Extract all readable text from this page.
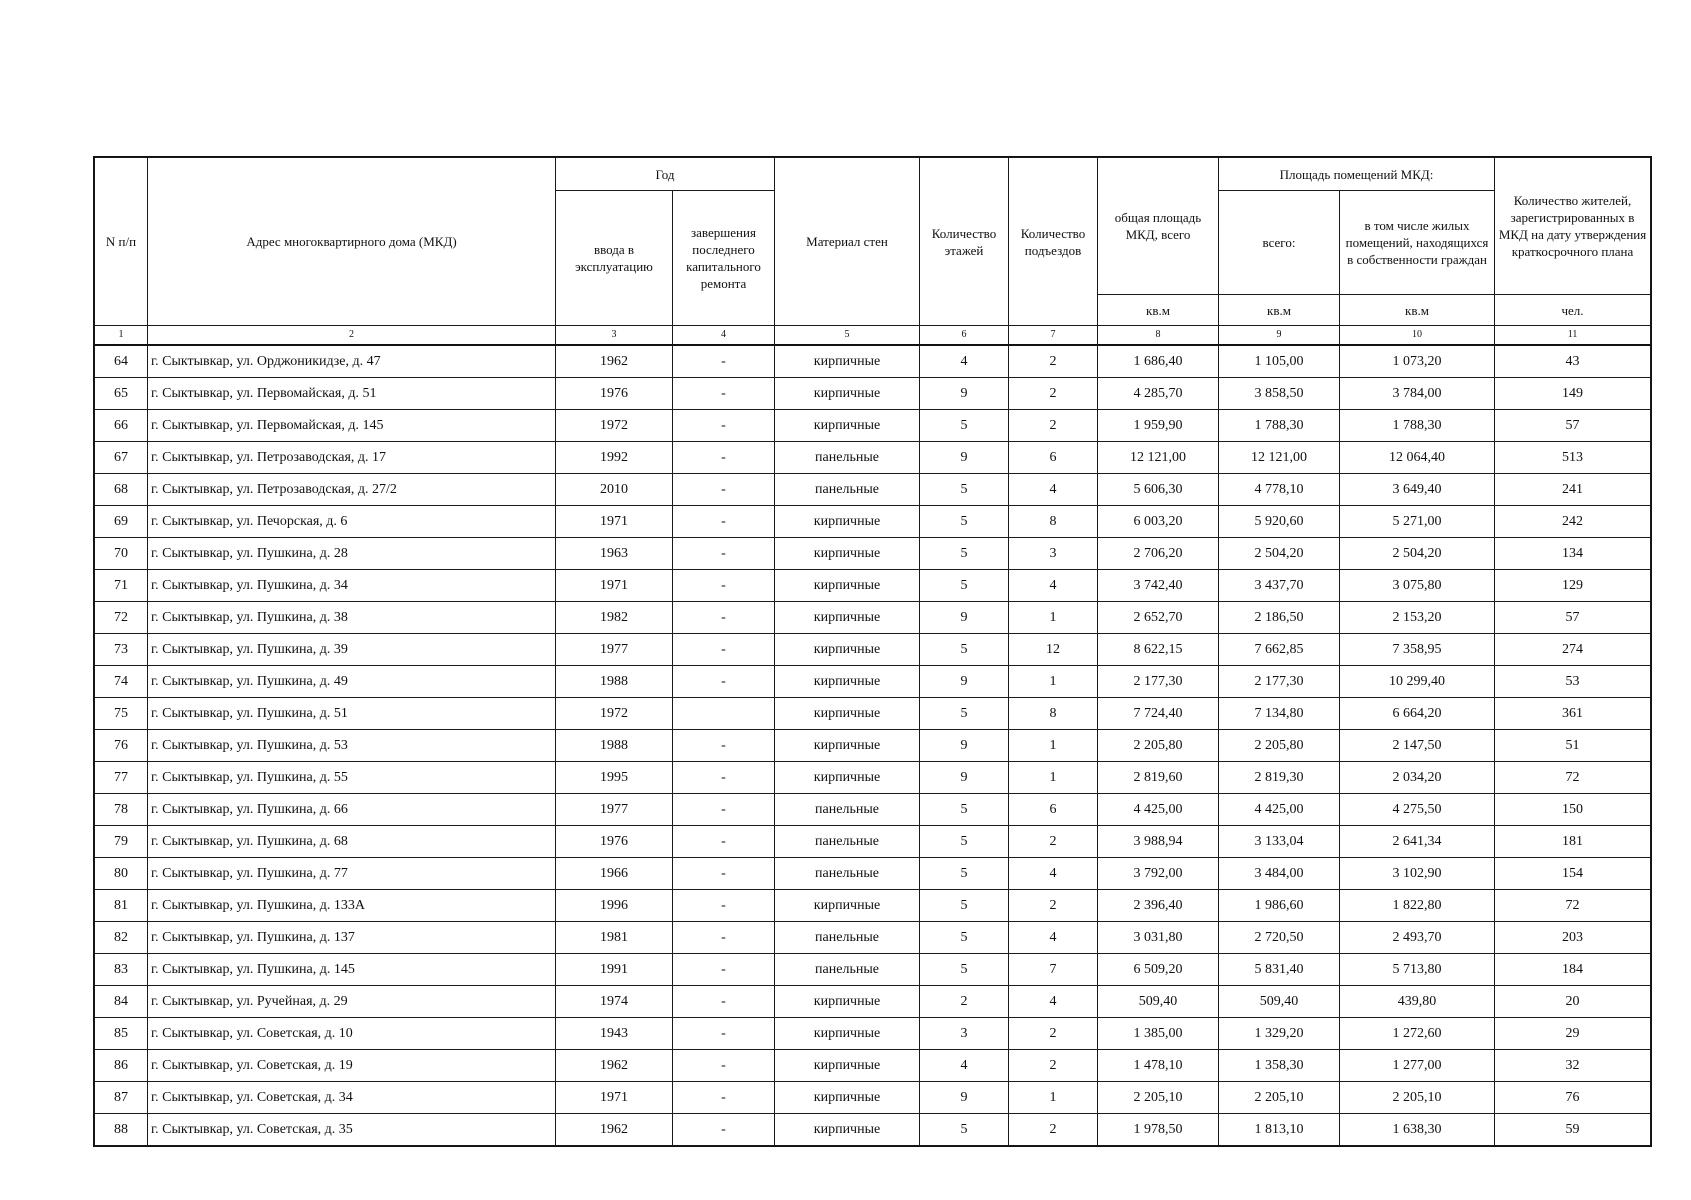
N п/п	Адрес многоквартирного дома (МКД)	Год		Материал стен	Количество этажей	Количество подъездов	общая площадь МКД, всего	Площадь помещений МКД:		Количество жителей, зарегистрированных в МКД на дату утверждения краткосрочного плана
		ввода в эксплуатацию	завершения последнего капитального ремонта					всего:	в том числе жилых помещений, находящихся в собственности граждан	
							кв.м	кв.м	кв.м	чел.
1	2	3	4	5	6	7	8	9	10	11
64	г. Сыктывкар, ул. Орджоникидзе, д. 47	1962	-	кирпичные	4	2	1 686,40	1 105,00	1 073,20	43
65	г. Сыктывкар, ул. Первомайская, д. 51	1976	-	кирпичные	9	2	4 285,70	3 858,50	3 784,00	149
66	г. Сыктывкар, ул. Первомайская, д. 145	1972	-	кирпичные	5	2	1 959,90	1 788,30	1 788,30	57
67	г. Сыктывкар, ул. Петрозаводская, д. 17	1992	-	панельные	9	6	12 121,00	12 121,00	12 064,40	513
68	г. Сыктывкар, ул. Петрозаводская, д. 27/2	2010	-	панельные	5	4	5 606,30	4 778,10	3 649,40	241
69	г. Сыктывкар, ул. Печорская, д. 6	1971	-	кирпичные	5	8	6 003,20	5 920,60	5 271,00	242
70	г. Сыктывкар, ул. Пушкина, д. 28	1963	-	кирпичные	5	3	2 706,20	2 504,20	2 504,20	134
71	г. Сыктывкар, ул. Пушкина, д. 34	1971	-	кирпичные	5	4	3 742,40	3 437,70	3 075,80	129
72	г. Сыктывкар, ул. Пушкина, д. 38	1982	-	кирпичные	9	1	2 652,70	2 186,50	2 153,20	57
73	г. Сыктывкар, ул. Пушкина, д. 39	1977	-	кирпичные	5	12	8 622,15	7 662,85	7 358,95	274
74	г. Сыктывкар, ул. Пушкина, д. 49	1988	-	кирпичные	9	1	2 177,30	2 177,30	10 299,40	53
75	г. Сыктывкар, ул. Пушкина, д. 51	1972		кирпичные	5	8	7 724,40	7 134,80	6 664,20	361
76	г. Сыктывкар, ул. Пушкина, д. 53	1988	-	кирпичные	9	1	2 205,80	2 205,80	2 147,50	51
77	г. Сыктывкар, ул. Пушкина, д. 55	1995	-	кирпичные	9	1	2 819,60	2 819,30	2 034,20	72
78	г. Сыктывкар, ул. Пушкина, д. 66	1977	-	панельные	5	6	4 425,00	4 425,00	4 275,50	150
79	г. Сыктывкар, ул. Пушкина, д. 68	1976	-	панельные	5	2	3 988,94	3 133,04	2 641,34	181
80	г. Сыктывкар, ул. Пушкина, д. 77	1966	-	панельные	5	4	3 792,00	3 484,00	3 102,90	154
81	г. Сыктывкар, ул. Пушкина, д. 133А	1996	-	кирпичные	5	2	2 396,40	1 986,60	1 822,80	72
82	г. Сыктывкар, ул. Пушкина, д. 137	1981	-	панельные	5	4	3 031,80	2 720,50	2 493,70	203
83	г. Сыктывкар, ул. Пушкина, д. 145	1991	-	панельные	5	7	6 509,20	5 831,40	5 713,80	184
84	г. Сыктывкар, ул. Ручейная, д. 29	1974	-	кирпичные	2	4	509,40	509,40	439,80	20
85	г. Сыктывкар, ул. Советская, д. 10	1943	-	кирпичные	3	2	1 385,00	1 329,20	1 272,60	29
86	г. Сыктывкар, ул. Советская, д. 19	1962	-	кирпичные	4	2	1 478,10	1 358,30	1 277,00	32
87	г. Сыктывкар, ул. Советская, д. 34	1971	-	кирпичные	9	1	2 205,10	2 205,10	2 205,10	76
88	г. Сыктывкар, ул. Советская, д. 35	1962	-	кирпичные	5	2	1 978,50	1 813,10	1 638,30	59
